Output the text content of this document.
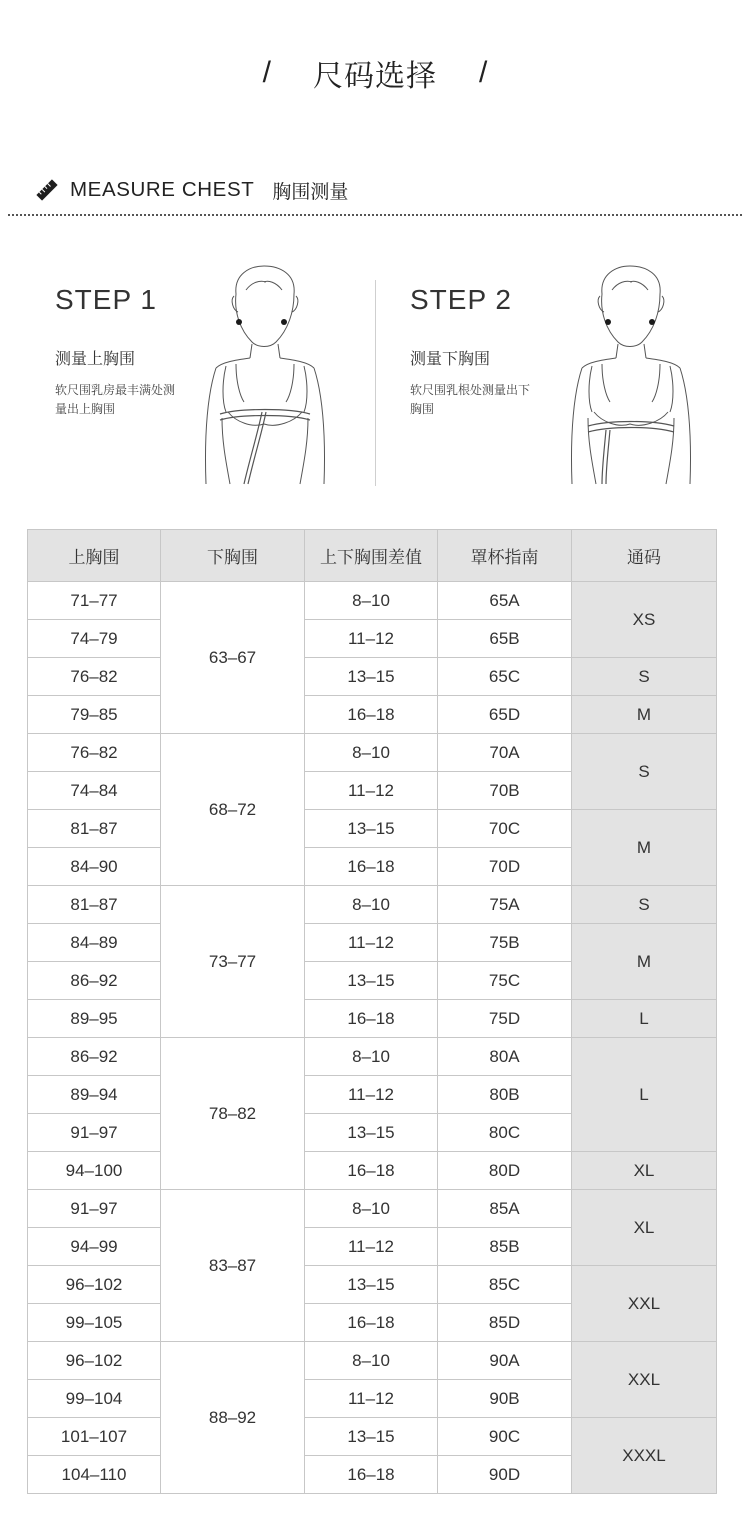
/ 尺码选择 /
MEASURE CHEST 胸围测量
STEP 1
测量上胸围
软尺围乳房最丰满处测量出上胸围
STEP 2
测量下胸围
软尺围乳根处测量出下胸围
上胸围	下胸围	上下胸围差值	罩杯指南	通码
71–77	63–67	8–10	65A	XS
74–79		11–12	65B	
76–82		13–15	65C	S
79–85		16–18	65D	M
76–82	68–72	8–10	70A	S
74–84		11–12	70B	
81–87		13–15	70C	M
84–90		16–18	70D	
81–87	73–77	8–10	75A	S
84–89		11–12	75B	M
86–92		13–15	75C	
89–95		16–18	75D	L
86–92	78–82	8–10	80A	L
89–94		11–12	80B	
91–97		13–15	80C	
94–100		16–18	80D	XL
91–97	83–87	8–10	85A	XL
94–99		11–12	85B	
96–102		13–15	85C	XXL
99–105		16–18	85D	
96–102	88–92	8–10	90A	XXL
99–104		11–12	90B	
101–107		13–15	90C	XXXL
104–110		16–18	90D	
